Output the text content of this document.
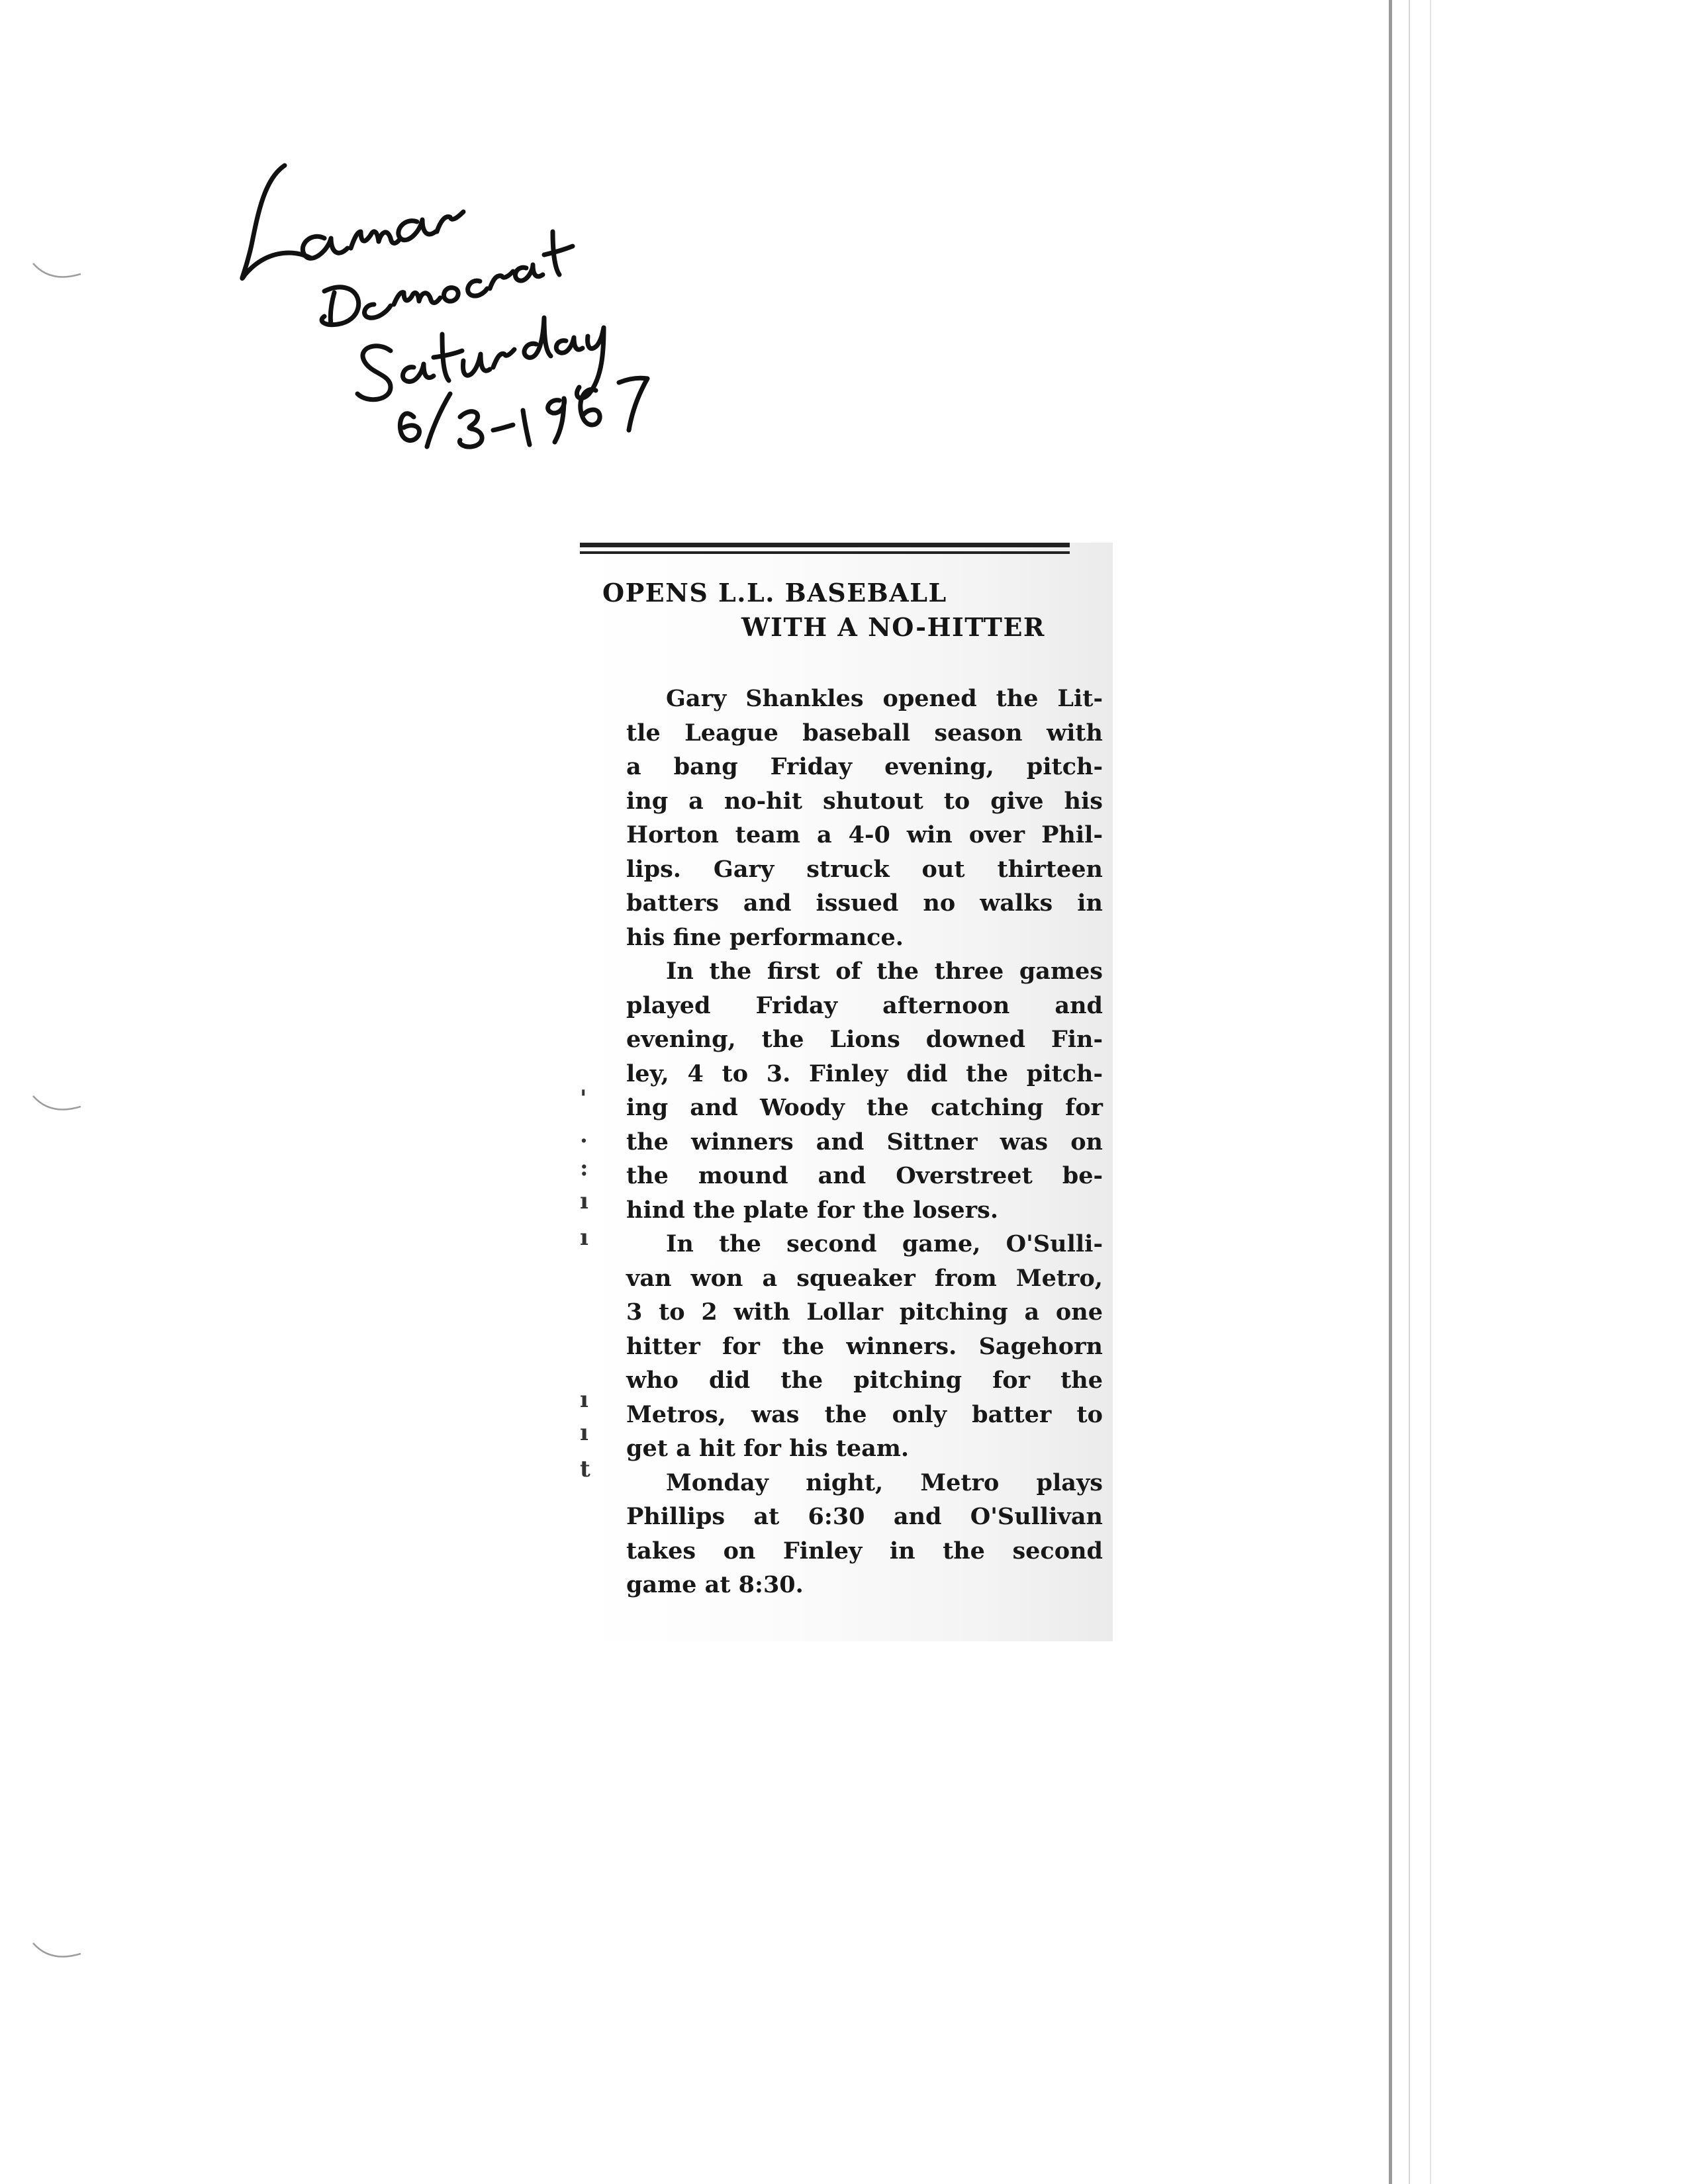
OPENS L.L. BASEBALL
WITH A NO-HITTER
Gary Shankles opened the Lit-
tle League baseball season with
a bang Friday evening, pitch-
ing a no-hit shutout to give his
Horton team a 4-0 win over Phil-
lips. Gary struck out thirteen
batters and issued no walks in
his fine performance.
In the first of the three games
played Friday afternoon and
evening, the Lions downed Fin-
ley, 4 to 3. Finley did the pitch-
ing and Woody the catching for
the winners and Sittner was on
the mound and Overstreet be-
hind the plate for the losers.
In the second game, O'Sulli-
van won a squeaker from Metro,
3 to 2 with Lollar pitching a one
hitter for the winners. Sagehorn
who did the pitching for the
Metros, was the only batter to
get a hit for his team.
Monday night, Metro plays
Phillips at 6:30 and O'Sullivan
takes on Finley in the second
game at 8:30.
'
.
:
ı
ı
ı
ı
t
